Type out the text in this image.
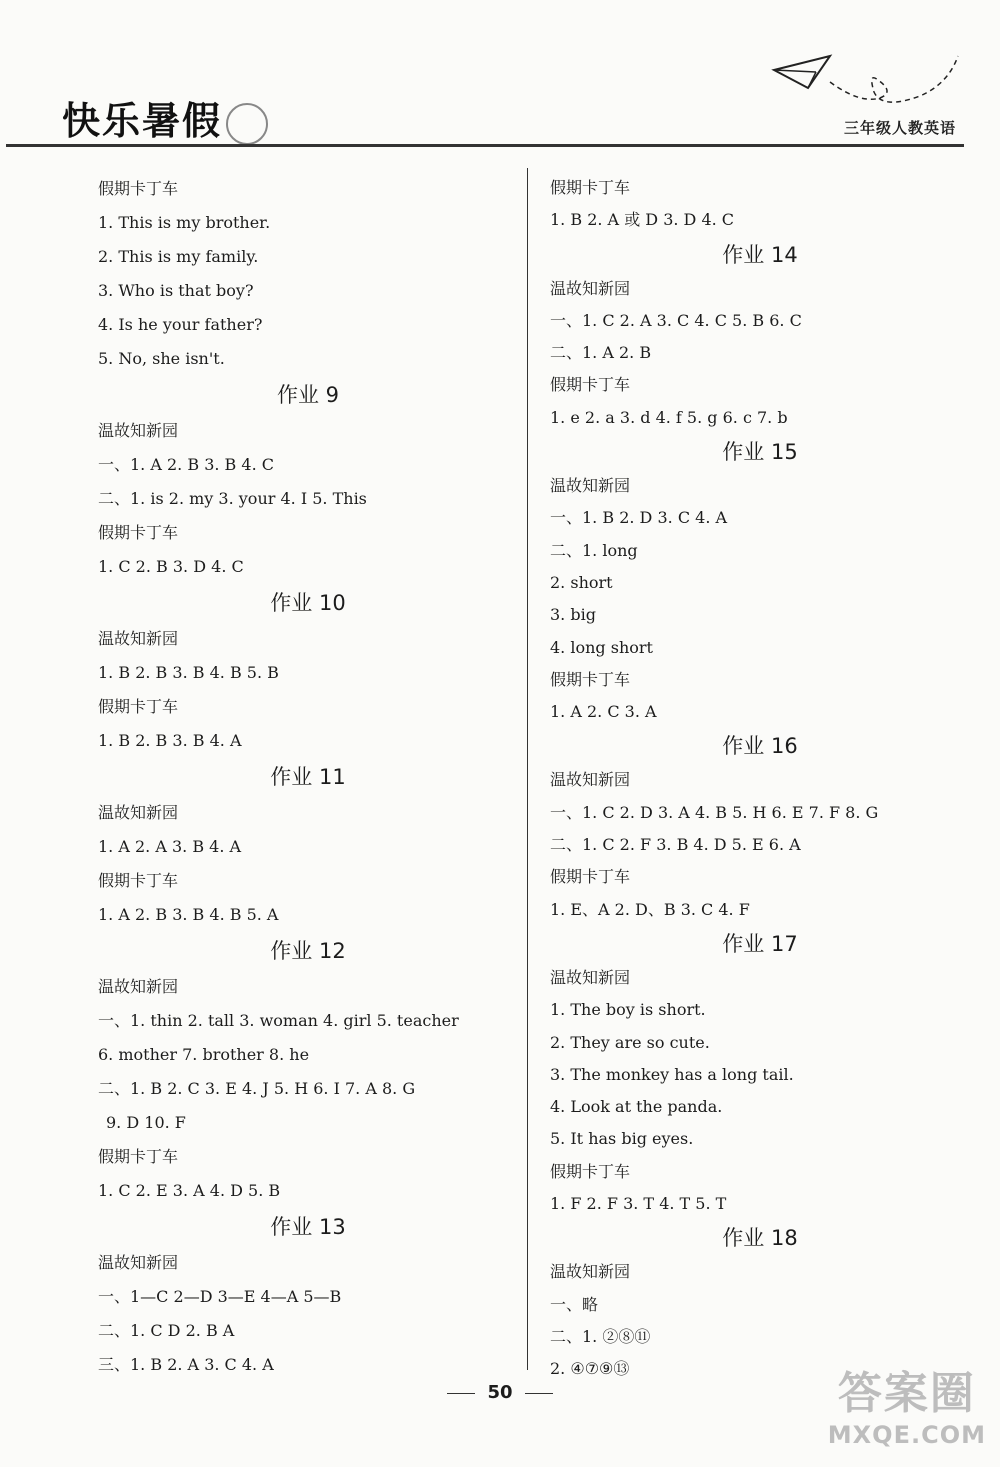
快乐暑假	三年级人教英语
假期卡丁车
1. This is my brother.
2. This is my family.
3. Who is that boy?
4. Is he your father?
5. No, she isn't.
作业 9
温故知新园
一、1. A 2. B 3. B 4. C
二、1. is 2. my 3. your 4. I 5. This
假期卡丁车
1. C 2. B 3. D 4. C
作业 10
温故知新园
1. B 2. B 3. B 4. B 5. B
假期卡丁车
1. B 2. B 3. B 4. A
作业 11
温故知新园
1. A 2. A 3. B 4. A
假期卡丁车
1. A 2. B 3. B 4. B 5. A
作业 12
温故知新园
一、1. thin 2. tall 3. woman 4. girl 5. teacher
6. mother 7. brother 8. he
二、1. B 2. C 3. E 4. J 5. H 6. I 7. A 8. G
9. D 10. F
假期卡丁车
1. C 2. E 3. A 4. D 5. B
作业 13
温故知新园
一、1—C 2—D 3—E 4—A 5—B
二、1. C D 2. B A
三、1. B 2. A 3. C 4. A
假期卡丁车
1. B 2. A 或 D 3. D 4. C
作业 14
温故知新园
一、1. C 2. A 3. C 4. C 5. B 6. C
二、1. A 2. B
假期卡丁车
1. e 2. a 3. d 4. f 5. g 6. c 7. b
作业 15
温故知新园
一、1. B 2. D 3. C 4. A
二、1. long
2. short
3. big
4. long short
假期卡丁车
1. A 2. C 3. A
作业 16
温故知新园
一、1. C 2. D 3. A 4. B 5. H 6. E 7. F 8. G
二、1. C 2. F 3. B 4. D 5. E 6. A
假期卡丁车
1. E、A 2. D、B 3. C 4. F
作业 17
温故知新园
1. The boy is short.
2. They are so cute.
3. The monkey has a long tail.
4. Look at the panda.
5. It has big eyes.
假期卡丁车
1. F 2. F 3. T 4. T 5. T
作业 18
温故知新园
一、略
二、1. ②⑧⑪
2. ④⑦⑨⑬
50	答案圈
MXQE.COM
